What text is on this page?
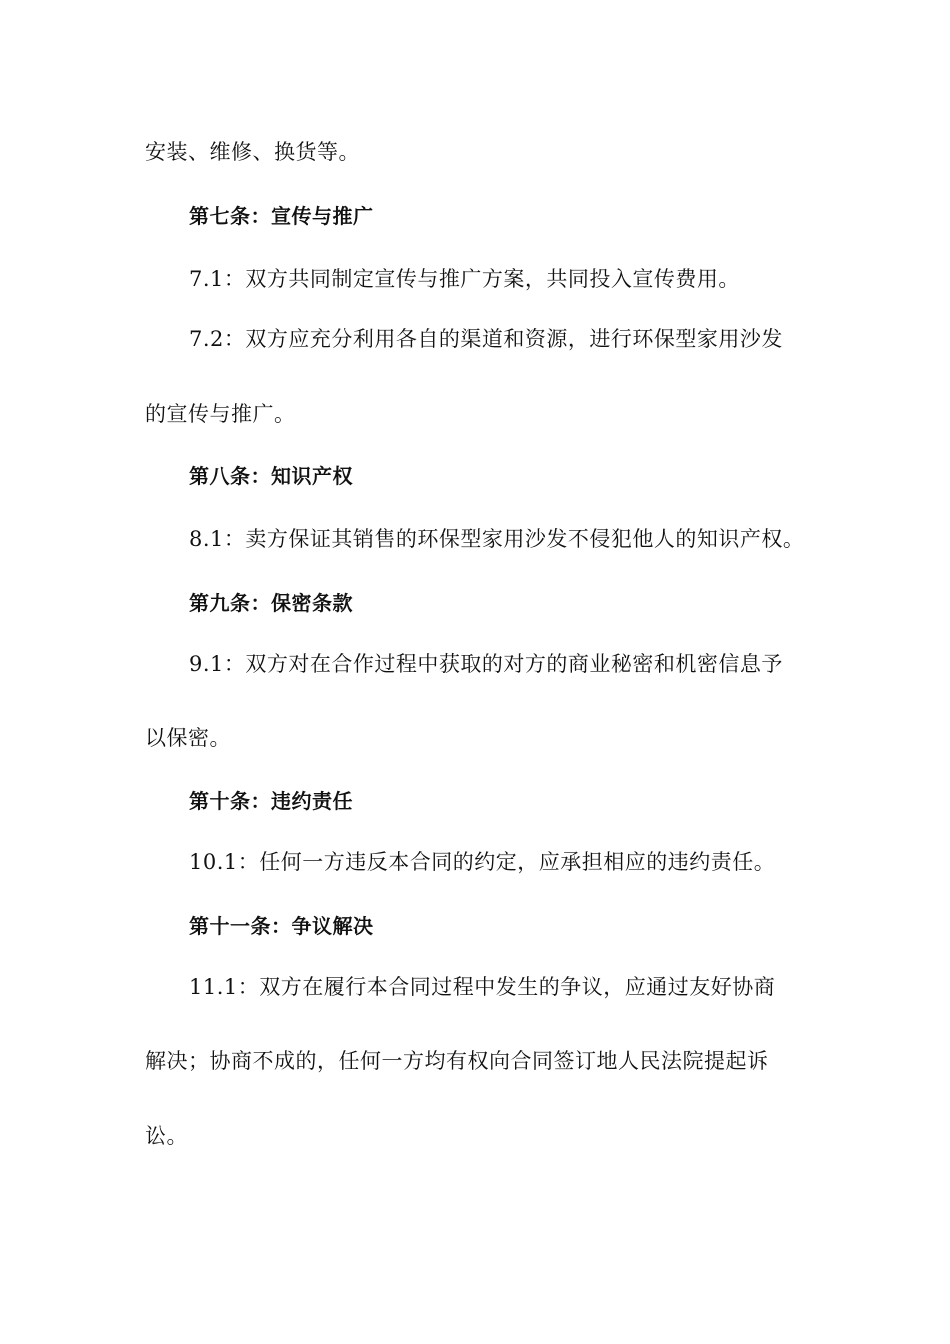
安装、维修、换货等。
第七条：宣传与推广
7.1：双方共同制定宣传与推广方案，共同投入宣传费用。
7.2：双方应充分利用各自的渠道和资源，进行环保型家用沙发
的宣传与推广。
第八条：知识产权
8.1：卖方保证其销售的环保型家用沙发不侵犯他人的知识产权。
第九条：保密条款
9.1：双方对在合作过程中获取的对方的商业秘密和机密信息予
以保密。
第十条：违约责任
10.1：任何一方违反本合同的约定，应承担相应的违约责任。
第十一条：争议解决
11.1：双方在履行本合同过程中发生的争议，应通过友好协商
解决；协商不成的，任何一方均有权向合同签订地人民法院提起诉
讼。
